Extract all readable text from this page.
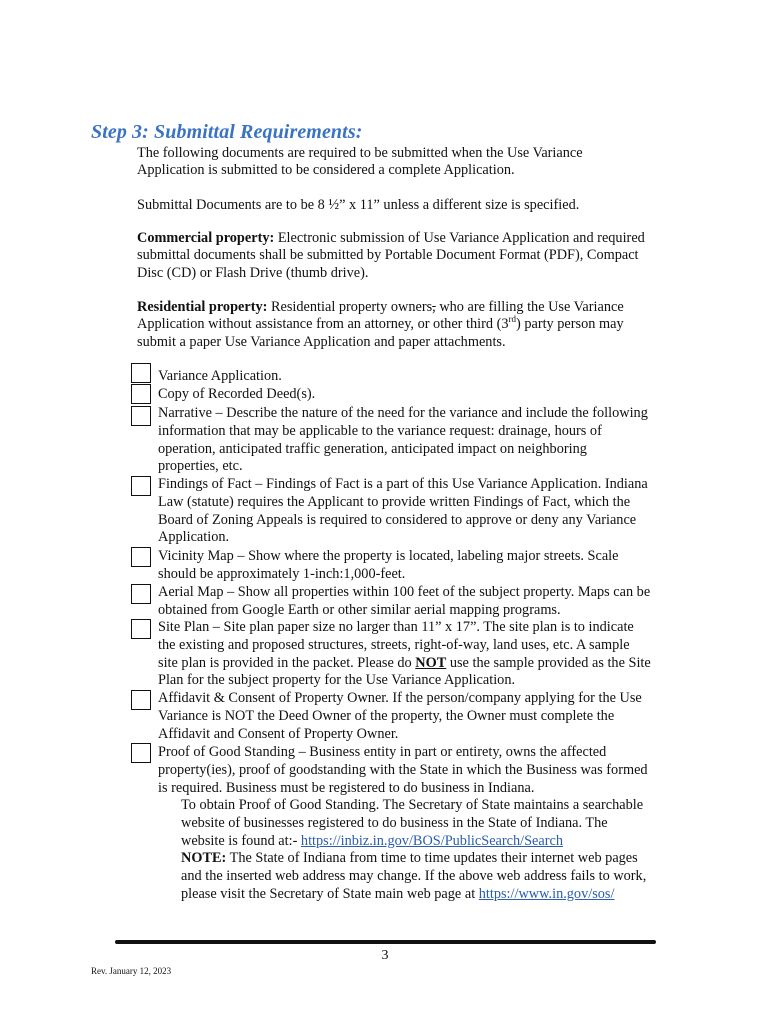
Step 3: Submittal Requirements:

The following documents are required to be submitted when the Use Variance
Application is submitted to be considered a complete Application.

Submittal Documents are to be 8 ½” x 11” unless a different size is specified.

Commercial property: Electronic submission of Use Variance Application and required
submittal documents shall be submitted by Portable Document Format (PDF), Compact
Disc (CD) or Flash Drive (thumb drive).

Residential property: Residential property owners, who are filling the Use Variance
Application without assistance from an attorney, or other third (3rd) party person may
submit a paper Use Variance Application and paper attachments.

Variance Application.

Copy of Recorded Deed(s).

Narrative – Describe the nature of the need for the variance and include the following
information that may be applicable to the variance request: drainage, hours of
operation, anticipated traffic generation, anticipated impact on neighboring
properties, etc.

Findings of Fact – Findings of Fact is a part of this Use Variance Application. Indiana
Law (statute) requires the Applicant to provide written Findings of Fact, which the
Board of Zoning Appeals is required to considered to approve or deny any Variance
Application.

Vicinity Map – Show where the property is located, labeling major streets. Scale
should be approximately 1-inch:1,000-feet.

Aerial Map – Show all properties within 100 feet of the subject property. Maps can be
obtained from Google Earth or other similar aerial mapping programs.

Site Plan – Site plan paper size no larger than 11” x 17”. The site plan is to indicate
the existing and proposed structures, streets, right-of-way, land uses, etc. A sample
site plan is provided in the packet. Please do NOT use the sample provided as the Site
Plan for the subject property for the Use Variance Application.

Affidavit & Consent of Property Owner. If the person/company applying for the Use
Variance is NOT the Deed Owner of the property, the Owner must complete the
Affidavit and Consent of Property Owner.

Proof of Good Standing – Business entity in part or entirety, owns the affected
property(ies), proof of goodstanding with the State in which the Business was formed
is required. Business must be registered to do business in Indiana.

To obtain Proof of Good Standing. The Secretary of State maintains a searchable
website of businesses registered to do business in the State of Indiana. The
website is found at:- https://inbiz.in.gov/BOS/PublicSearch/Search
NOTE: The State of Indiana from time to time updates their internet web pages
and the inserted web address may change. If the above web address fails to work,
please visit the Secretary of State main web page at https://www.in.gov/sos/

3
Rev. January 12, 2023
